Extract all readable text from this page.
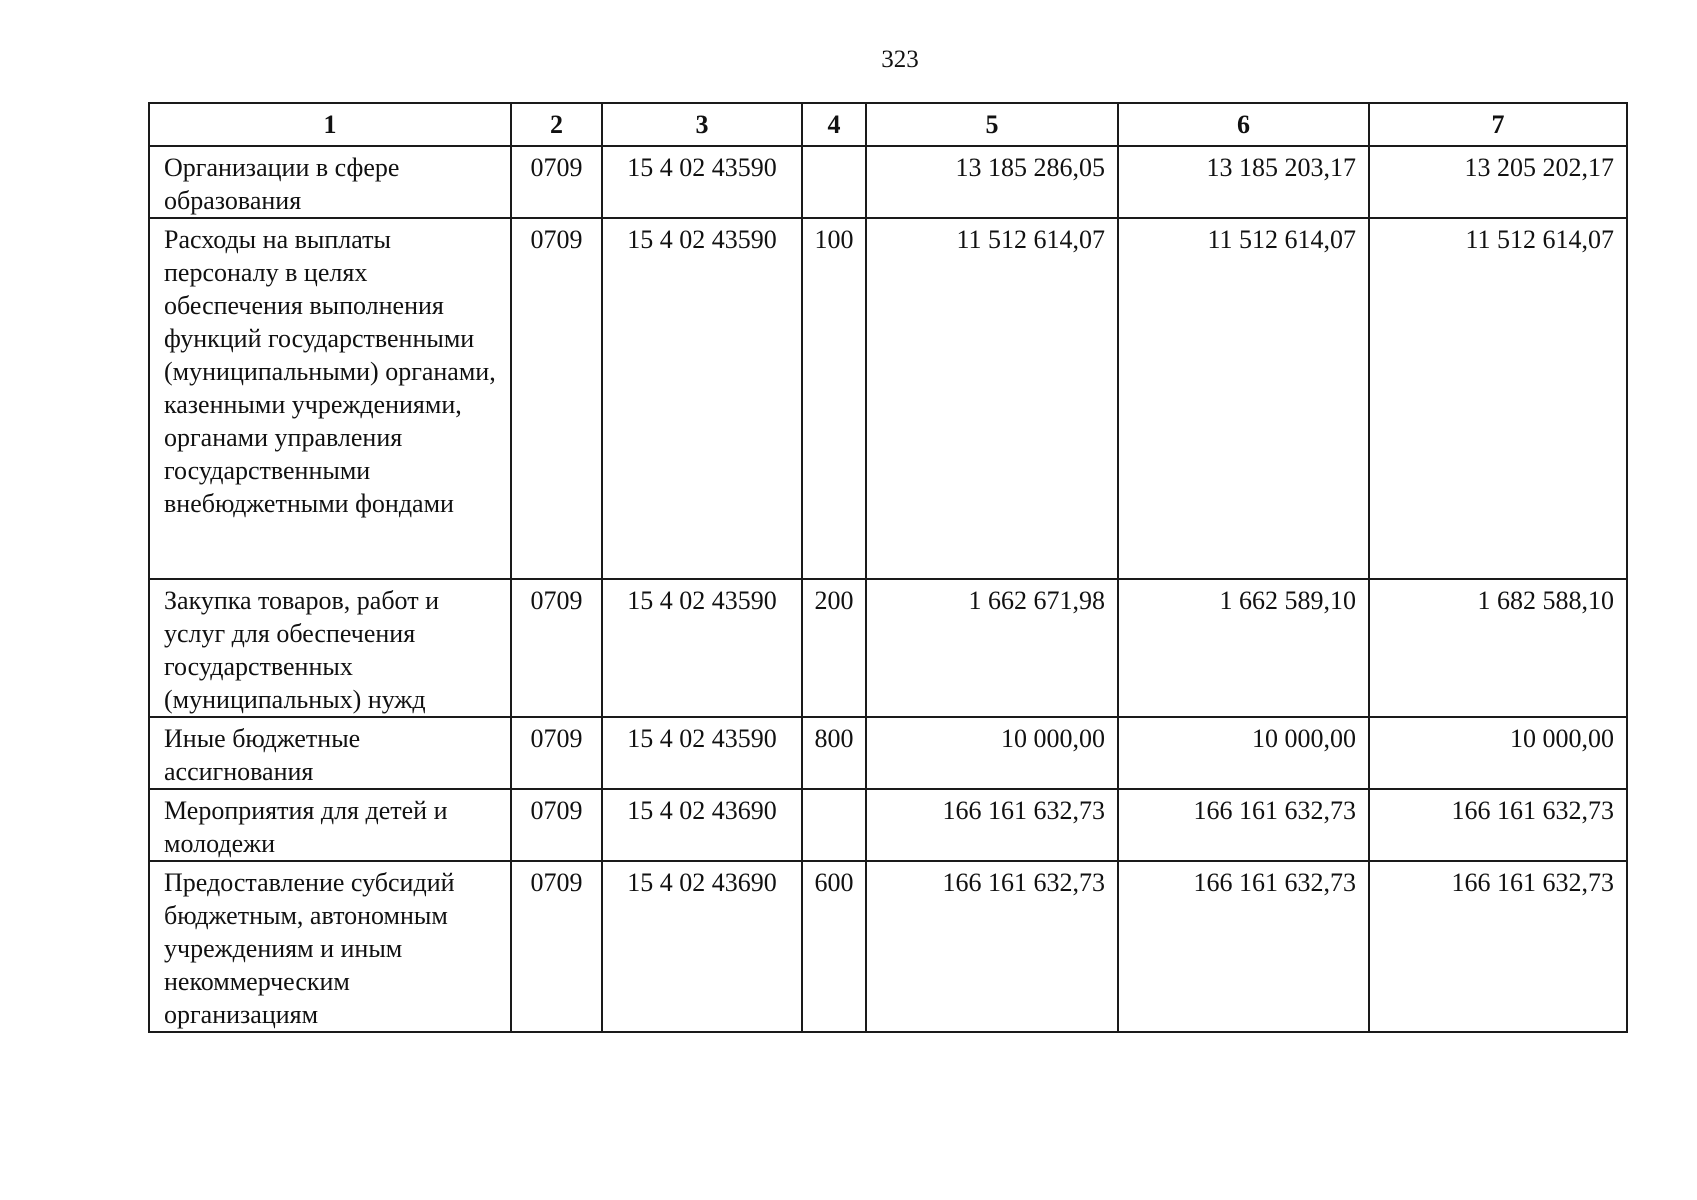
323
1	2	3	4	5	6	7
Организации в сфере образования	0709	15 4 02 43590		13 185 286,05	13 185 203,17	13 205 202,17
Расходы на выплаты персоналу в целях обеспечения выполнения функций государственными (муниципальными) органами, казенными учреждениями, органами управления государственными внебюджетными фондами	0709	15 4 02 43590	100	11 512 614,07	11 512 614,07	11 512 614,07
Закупка товаров, работ и услуг для обеспечения государственных (муниципальных) нужд	0709	15 4 02 43590	200	1 662 671,98	1 662 589,10	1 682 588,10
Иные бюджетные ассигнования	0709	15 4 02 43590	800	10 000,00	10 000,00	10 000,00
Мероприятия для детей и молодежи	0709	15 4 02 43690		166 161 632,73	166 161 632,73	166 161 632,73
Предоставление субсидий бюджетным, автономным учреждениям и иным некоммерческим организациям	0709	15 4 02 43690	600	166 161 632,73	166 161 632,73	166 161 632,73
